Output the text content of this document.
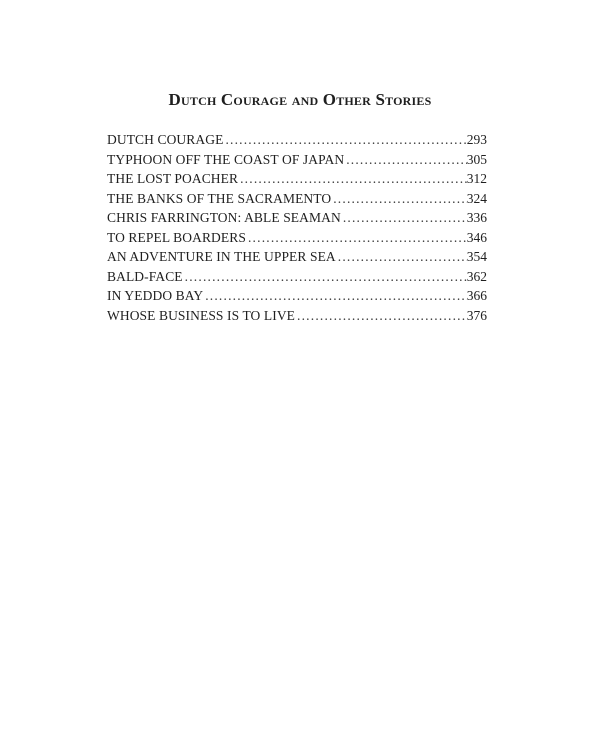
Dutch Courage and Other Stories
DUTCH COURAGE .....	293
TYPHOON OFF THE COAST OF JAPAN .....	305
THE LOST POACHER .....	312
THE BANKS OF THE SACRAMENTO .....	324
CHRIS FARRINGTON: ABLE SEAMAN .....	336
TO REPEL BOARDERS .....	346
AN ADVENTURE IN THE UPPER SEA .....	354
BALD-FACE .....	362
IN YEDDO BAY .....	366
WHOSE BUSINESS IS TO LIVE .....	376
